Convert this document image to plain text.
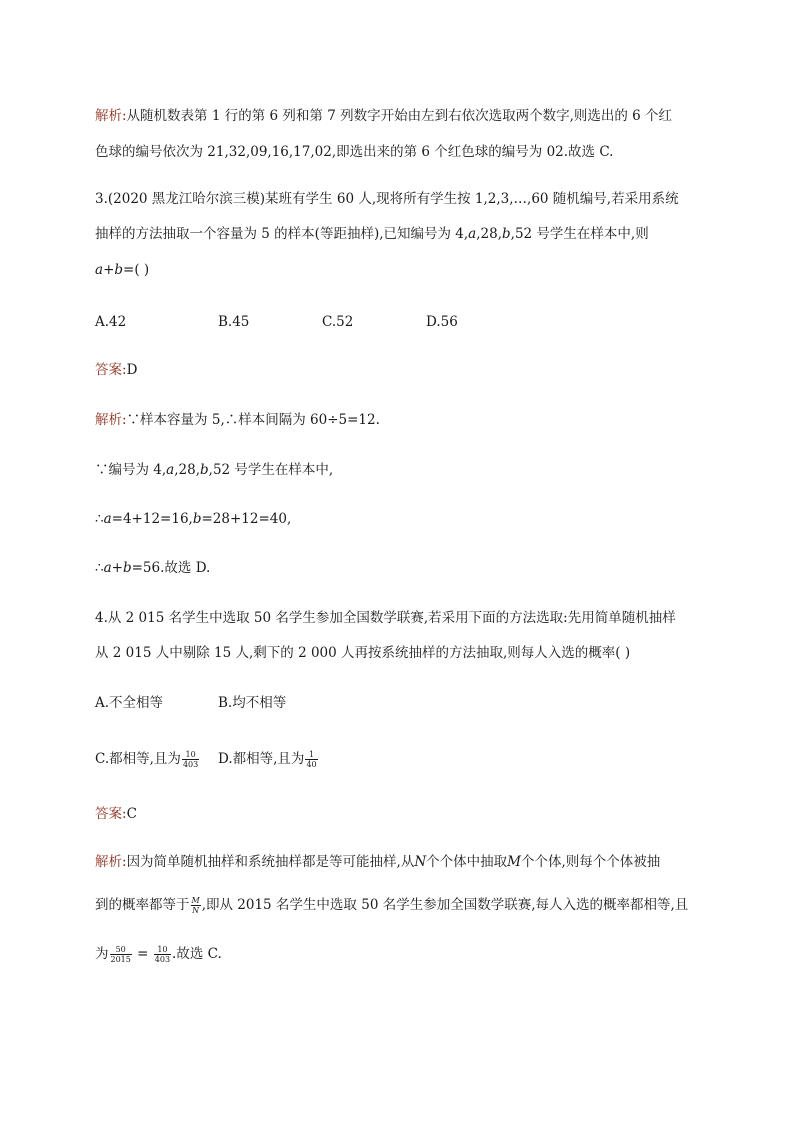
解析:从随机数表第 1 行的第 6 列和第 7 列数字开始由左到右依次选取两个数字,则选出的 6 个红
色球的编号依次为 21,32,09,16,17,02,即选出来的第 6 个红色球的编号为 02.故选 C.
3.(2020 黑龙江哈尔滨三模)某班有学生 60 人,现将所有学生按 1,2,3,…,60 随机编号,若采用系统
抽样的方法抽取一个容量为 5 的样本(等距抽样),已知编号为 4,a,28,b,52 号学生在样本中,则
a+b=( )
A.42	B.45	C.52	D.56
答案:D
解析:∵样本容量为 5,∴样本间隔为 60÷5=12.
∵编号为 4,a,28,b,52 号学生在样本中,
∴a=4+12=16,b=28+12=40,
∴a+b=56.故选 D.
4.从 2 015 名学生中选取 50 名学生参加全国数学联赛,若采用下面的方法选取:先用简单随机抽样
从 2 015 人中剔除 15 人,剩下的 2 000 人再按系统抽样的方法抽取,则每人入选的概率( )
A.不全相等	B.均不相等
C.都相等,且为 $\frac{10}{403} D$.都相等,且为 $\frac{1}{40}$
答案:C
解析:因为简单随机抽样和系统抽样都是等可能抽样,从N个个体中抽取M个个体,则每个个体被抽
到的概率都等于 $\frac{M}{N}$ ,即从 2015 名学生中选取 50 名学生参加全国数学联赛,每人入选的概率都相等,且
为 $\frac{50}{2015} = \frac{10}{403}$ .故选 C.
